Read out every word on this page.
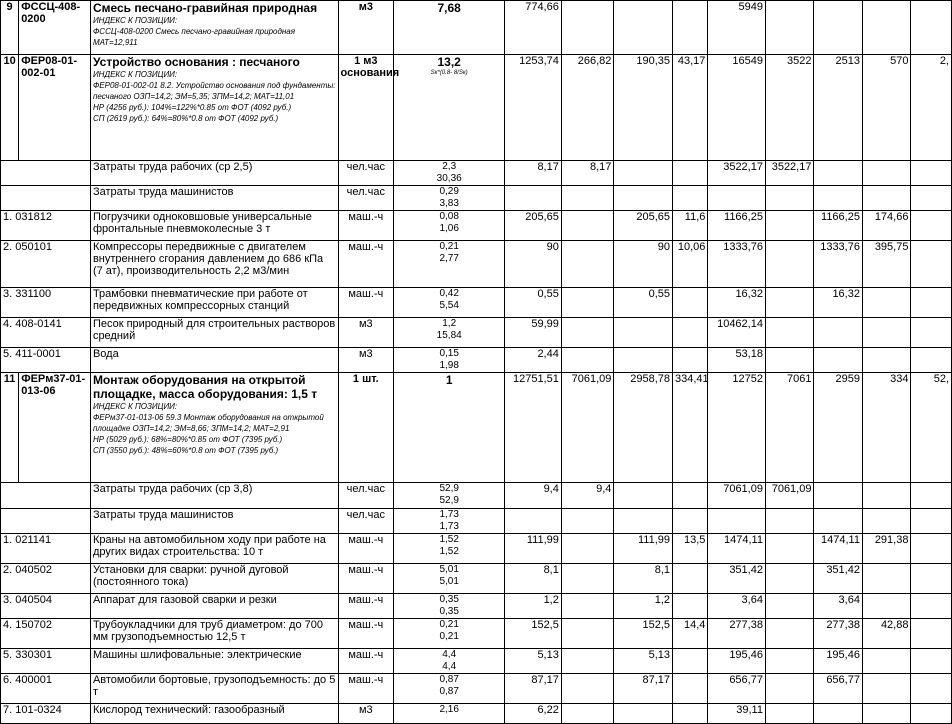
9	ФССЦ-408-0200	Смесь песчано-гравийная природная
ИНДЕКС К ПОЗИЦИИ:
ФССЦ-408-0200 Смесь песчано-гравийная природная
МАТ=12,911	м3	7,68	774,66				5949				
10	ФЕР08-01-002-01	Устройство основания : песчаного
ИНДЕКС К ПОЗИЦИИ:
ФЕР08-01-002-01 8.2. Устройство основания под фундаменты: песчаного ОЗП=14,2; ЭМ=5,35; ЗПМ=14,2; МАТ=11,01
НР (4256 руб.): 104%=122%*0.85 от ФОТ (4092 руб.)
СП (2619 руб.): 64%=80%*0.8 от ФОТ (4092 руб.)	1 м3 основания	13,2
Sк*(0.8- 8/Sк)	1253,74	266,82	190,35	43,17	16549	3522	2513	570	2,
		Затраты труда рабочих (ср 2,5)	чел.час	2,3
30,36	8,17	8,17			3522,17	3522,17			
		Затраты труда машинистов	чел.час	0,29
3,83									

1. 031812		Погрузчики одноковшовые универсальные фронтальные пневмоколесные 3 т	маш.-ч	0,08
1,06	205,65		205,65	11,6	1166,25		1166,25	174,66	
2. 050101		Компрессоры передвижные с двигателем внутреннего сгорания давлением до 686 кПа (7 ат), производительность 2,2 м3/мин	маш.-ч	0,21
2,77	90		90	10,06	1333,76		1333,76	395,75	
3. 331100		Трамбовки пневматические при работе от передвижных компрессорных станций	маш.-ч	0,42
5,54	0,55		0,55		16,32		16,32		
4. 408-0141		Песок природный для строительных растворов средний	м3	1,2
15,84	59,99				10462,14				
5. 411-0001		Вода	м3	0,15
1,98	2,44				53,18				
11	ФЕРм37-01-013-06	Монтаж оборудования на открытой площадке, масса оборудования: 1,5 т
ИНДЕКС К ПОЗИЦИИ:
ФЕРм37-01-013-06 59.3 Монтаж оборудования на открытой площадке ОЗП=14,2; ЭМ=8,66; ЗПМ=14,2; МАТ=2,91
НР (5029 руб.): 68%=80%*0.85 от ФОТ (7395 руб.)
СП (3550 руб.): 48%=60%*0.8 от ФОТ (7395 руб.)	1 шт.	1	12751,51	7061,09	2958,78	334,41	12752	7061	2959	334	52,
		Затраты труда рабочих (ср 3,8)	чел.час	52,9
52,9	9,4	9,4			7061,09	7061,09			
		Затраты труда машинистов	чел.час	1,73
1,73									

1. 021141		Краны на автомобильном ходу при работе на других видах строительства: 10 т	маш.-ч	1,52
1,52	111,99		111,99	13,5	1474,11		1474,11	291,38	
2. 040502		Установки для сварки: ручной дуговой (постоянного тока)	маш.-ч	5,01
5,01	8,1		8,1		351,42		351,42		
3. 040504		Аппарат для газовой сварки и резки	маш.-ч	0,35
0,35	1,2		1,2		3,64		3,64		
4. 150702		Трубоукладчики для труб диаметром: до 700 мм грузоподъемностью 12,5 т	маш.-ч	0,21
0,21	152,5		152,5	14,4	277,38		277,38	42,88	
5. 330301		Машины шлифовальные: электрические	маш.-ч	4,4
4,4	5,13		5,13		195,46		195,46		
6. 400001		Автомобили бортовые, грузоподъемность: до 5 т	маш.-ч	0,87
0,87	87,17		87,17		656,77		656,77		
7. 101-0324		Кислород технический: газообразный	м3	2,16	6,22				39,11				
